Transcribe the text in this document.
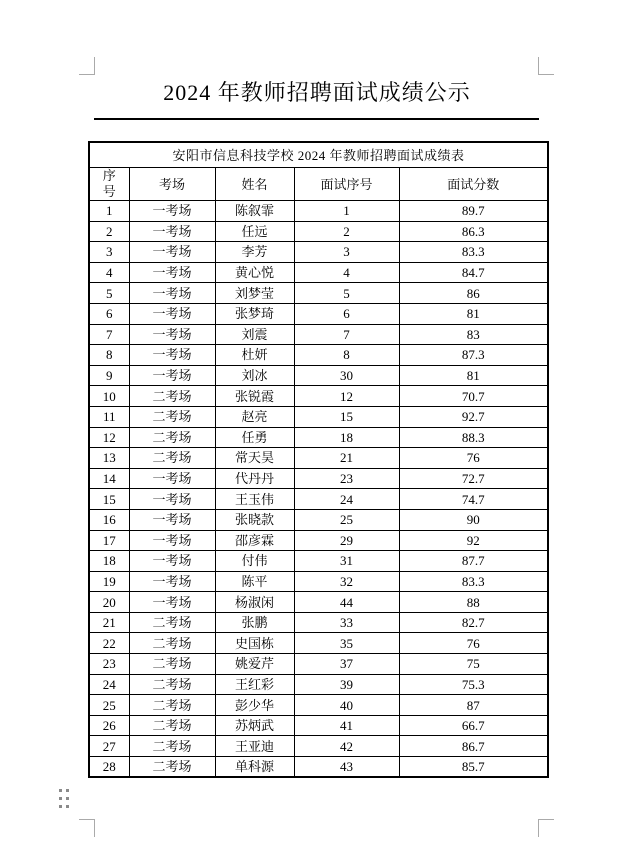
2024 年教师招聘面试成绩公示
安阳市信息科技学校 2024 年教师招聘面试成绩表				
序号	考场	姓名	面试序号	面试分数
1	一考场	陈叙霏	1	89.7
2	一考场	任远	2	86.3
3	一考场	李芳	3	83.3
4	一考场	黄心悦	4	84.7
5	一考场	刘梦莹	5	86
6	一考场	张梦琦	6	81
7	一考场	刘震	7	83
8	一考场	杜妍	8	87.3
9	一考场	刘冰	30	81
10	二考场	张锐霞	12	70.7
11	二考场	赵亮	15	92.7
12	二考场	任勇	18	88.3
13	二考场	常天昊	21	76
14	一考场	代丹丹	23	72.7
15	一考场	王玉伟	24	74.7
16	一考场	张晓款	25	90
17	一考场	邵彦霖	29	92
18	一考场	付伟	31	87.7
19	一考场	陈平	32	83.3
20	一考场	杨淑闲	44	88
21	二考场	张鹏	33	82.7
22	二考场	史国栋	35	76
23	二考场	姚爱芹	37	75
24	二考场	王红彩	39	75.3
25	二考场	彭少华	40	87
26	二考场	苏炳武	41	66.7
27	二考场	王亚迪	42	86.7
28	二考场	单科源	43	85.7
